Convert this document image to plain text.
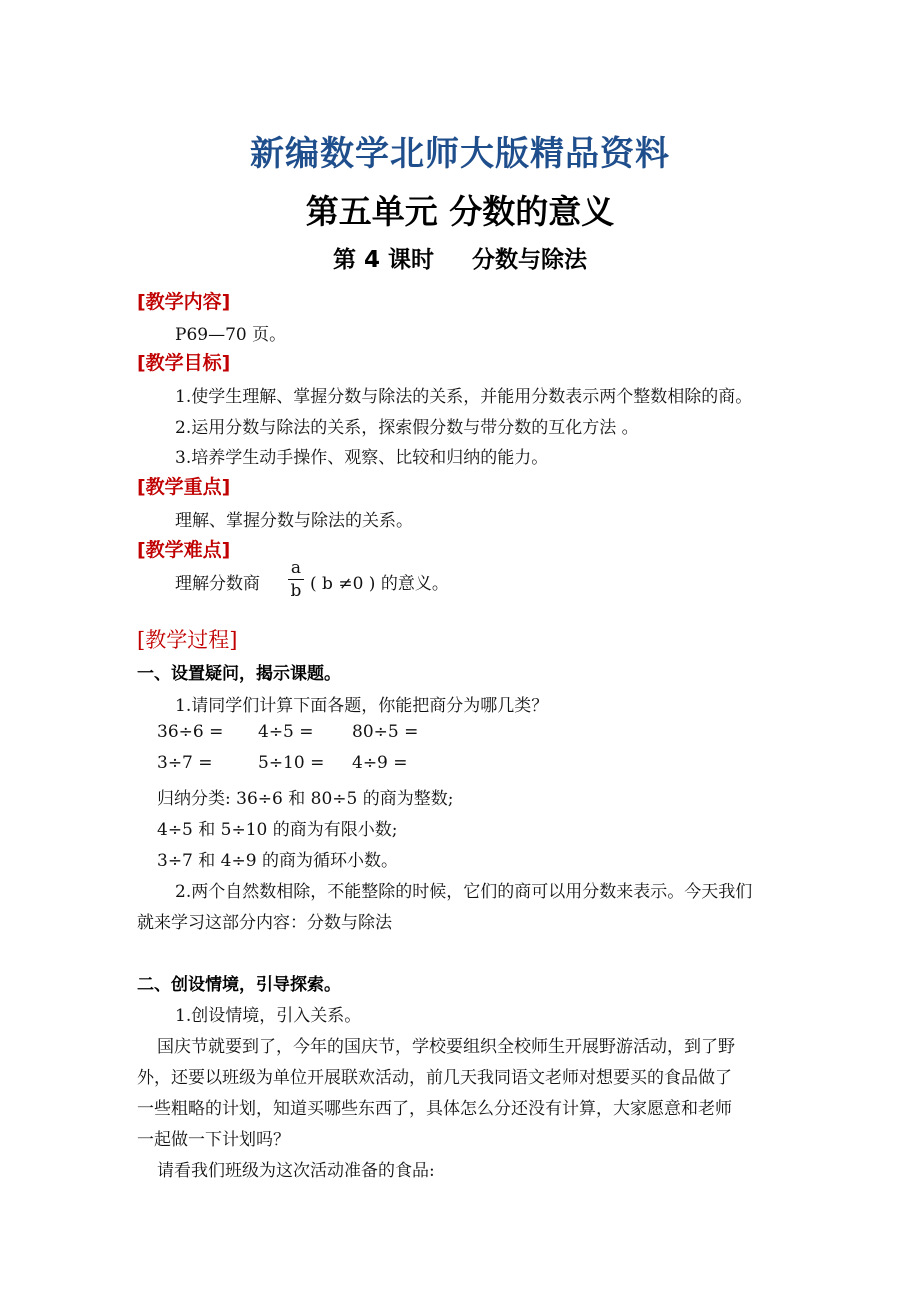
新编数学北师大版精品资料
第五单元 分数的意义
第 4 课时 分数与除法
[教学内容]
P69—70 页。
[教学目标]
1.使学生理解、掌握分数与除法的关系，并能用分数表示两个整数相除的商。
2.运用分数与除法的关系，探索假分数与带分数的互化方法 。
3.培养学生动手操作、观察、比较和归纳的能力。
[教学重点]
理解、掌握分数与除法的关系。
[教学难点]
理解分数商
a
b ( b ≠0 ) 的意义。
[教学过程]
一、设置疑问，揭示课题。
1.请同学们计算下面各题，你能把商分为哪几类？
36÷6 = 4÷5 = 80÷5 =
3÷7 =	5÷10 = 4÷9 =
归纳分类: 36÷6 和 80÷5 的商为整数;
4÷5 和 5÷10 的商为有限小数;
3÷7 和 4÷9 的商为循环小数。
2.两个自然数相除，不能整除的时候，它们的商可以用分数来表示。今天我们
就来学习这部分内容：分数与除法
二、创设情境，引导探索。
1.创设情境，引入关系。
国庆节就要到了，今年的国庆节，学校要组织全校师生开展野游活动，到了野
外，还要以班级为单位开展联欢活动，前几天我同语文老师对想要买的食品做了
一些粗略的计划，知道买哪些东西了，具体怎么分还没有计算，大家愿意和老师
一起做一下计划吗？
请看我们班级为这次活动准备的食品:
